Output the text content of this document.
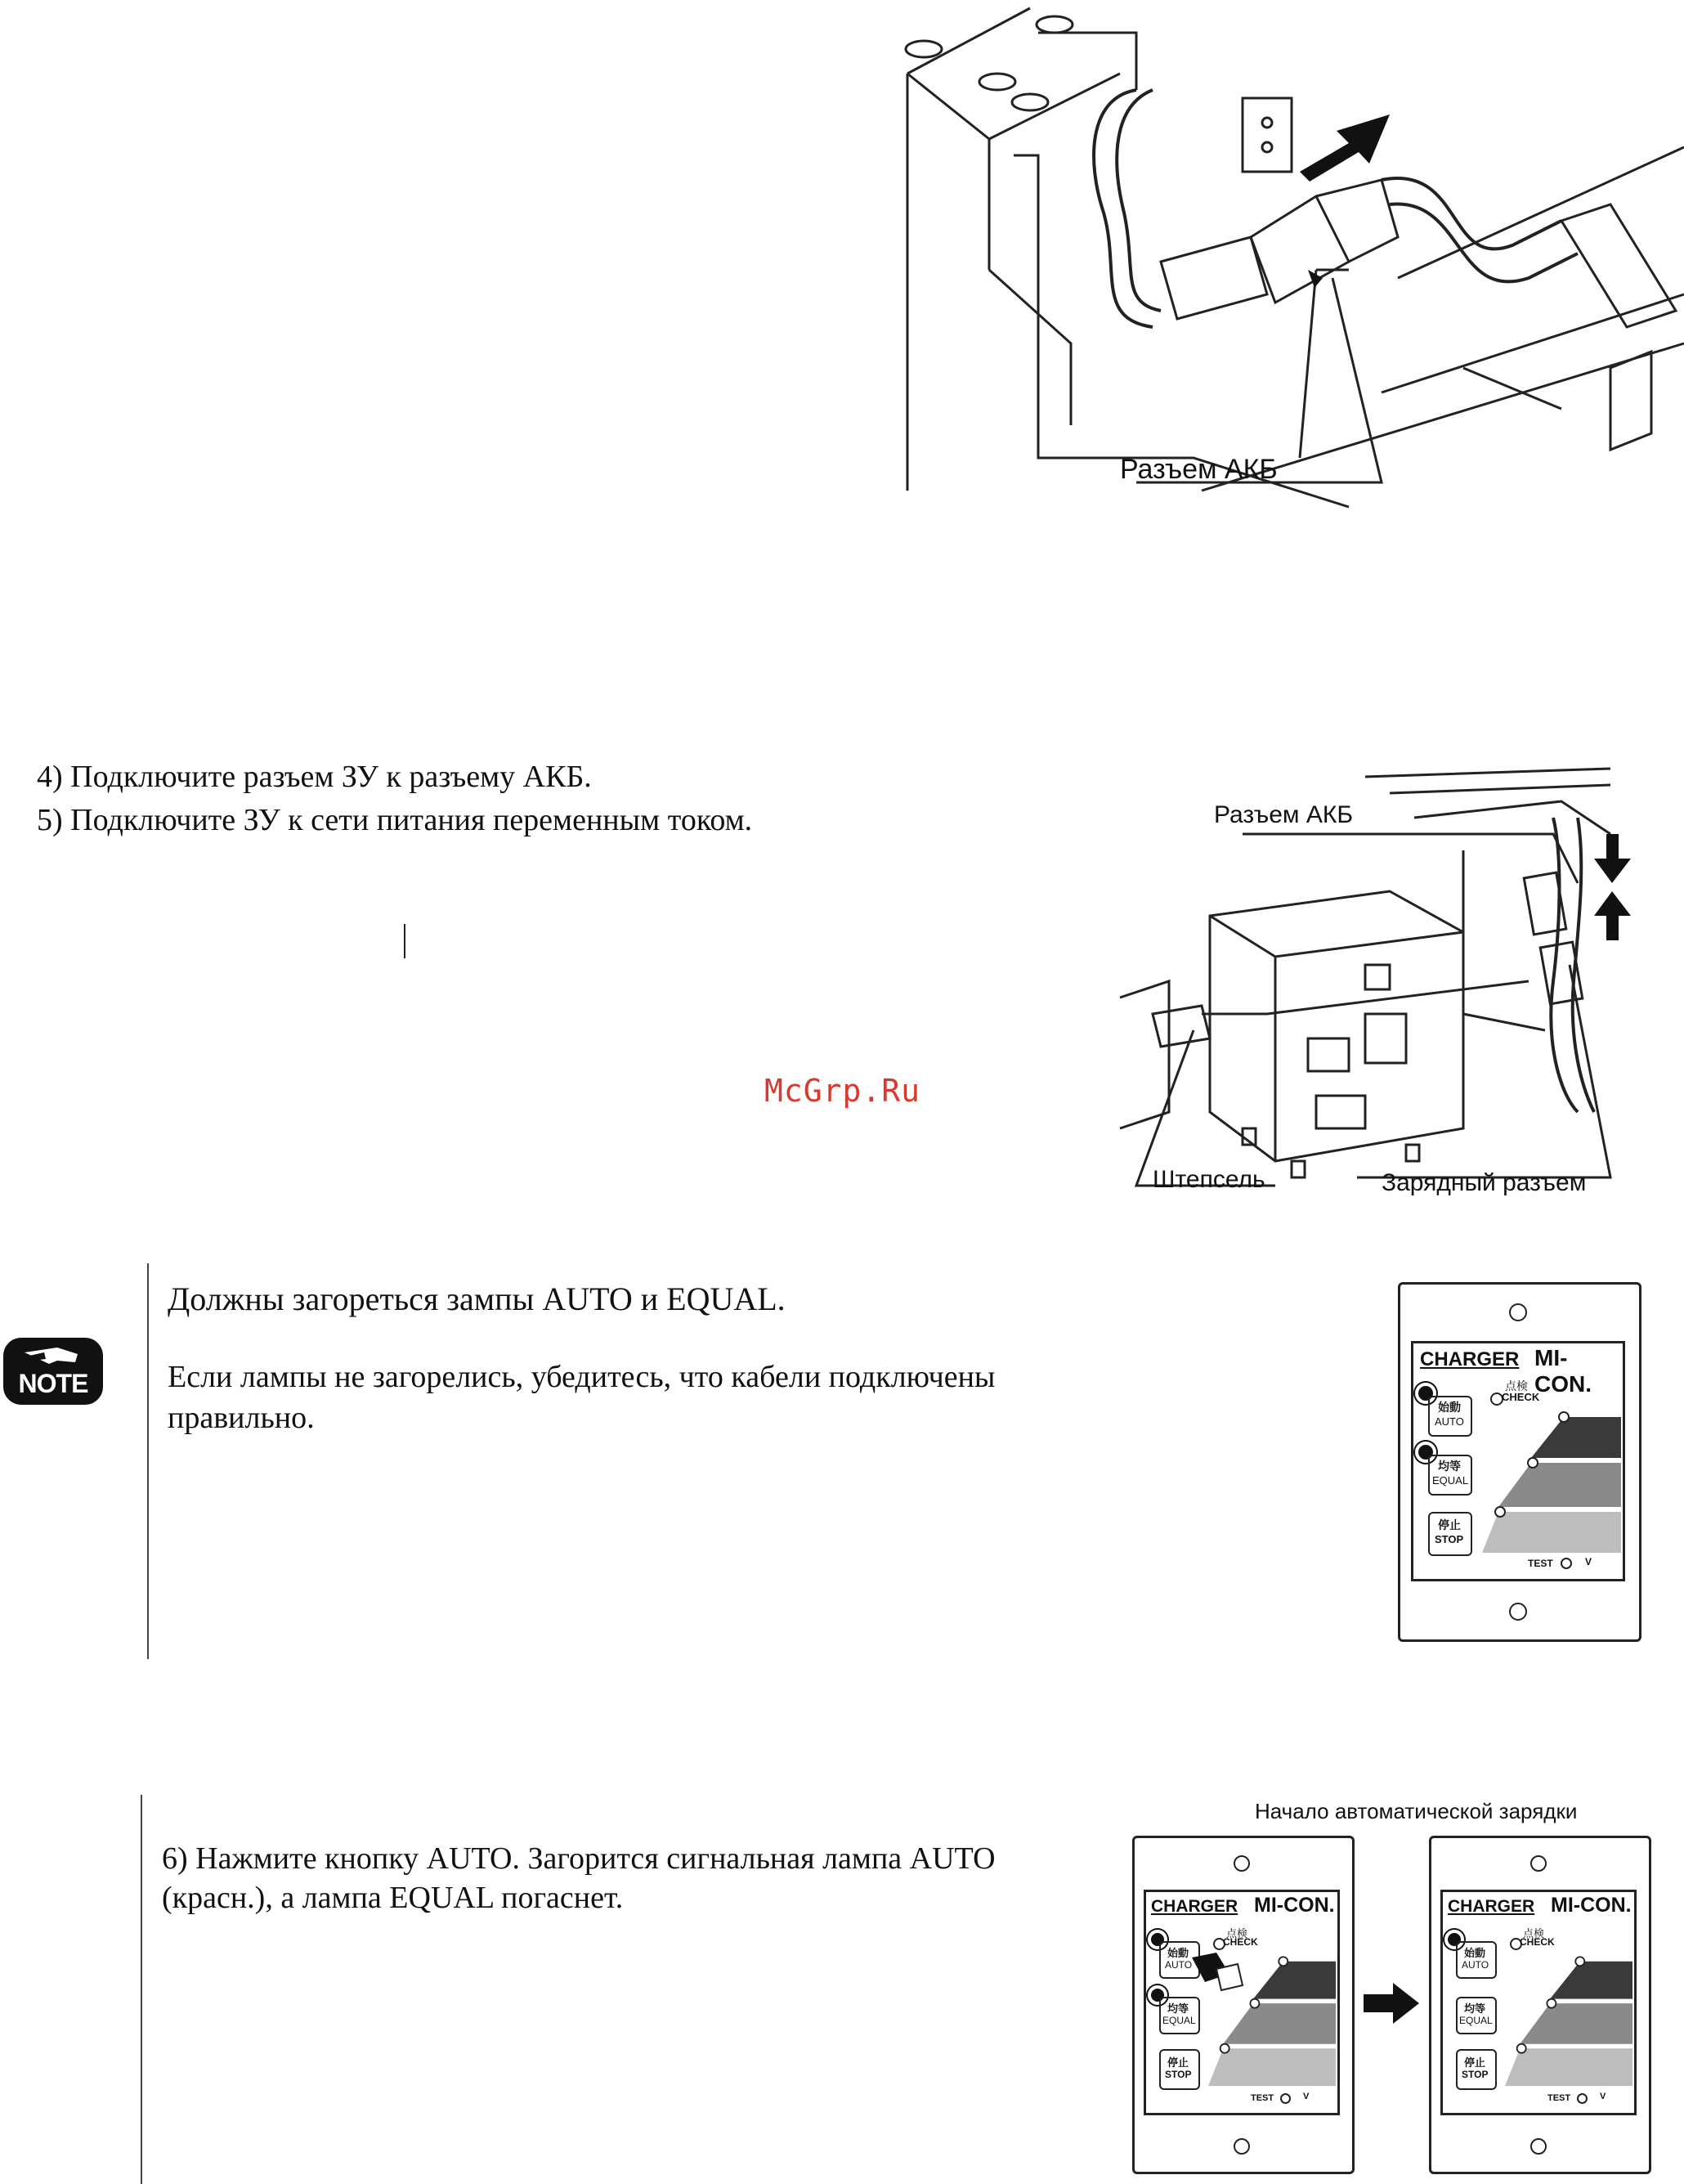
Разъем АКБ
4) Подключите разъем ЗУ к разъему АКБ.
5) Подключите ЗУ к сети питания переменным током.
McGrp.Ru
Разъем АКБ
Штепсель	Зарядный разъем
NOTE
Должны загореться зампы AUTO и EQUAL.
Если лампы не загорелись, убедитесь, что кабели подключены
правильно.
CHARGER MI-CON.
点検
CHECK
始動
AUTO
均等
EQUAL
停止
STOP
TEST	V
6) Нажмите кнопку AUTO. Загорится сигнальная лампа AUTO
(красн.), а лампа EQUAL погаснет.
Начало автоматической зарядки
CHARGER MI-CON.
点検
CHECK
始動
AUTO
均等
EQUAL
停止
STOP
TEST	V
CHARGER MI-CON.
点検
CHECK
始動
AUTO
均等
EQUAL
停止
STOP
TEST	V
